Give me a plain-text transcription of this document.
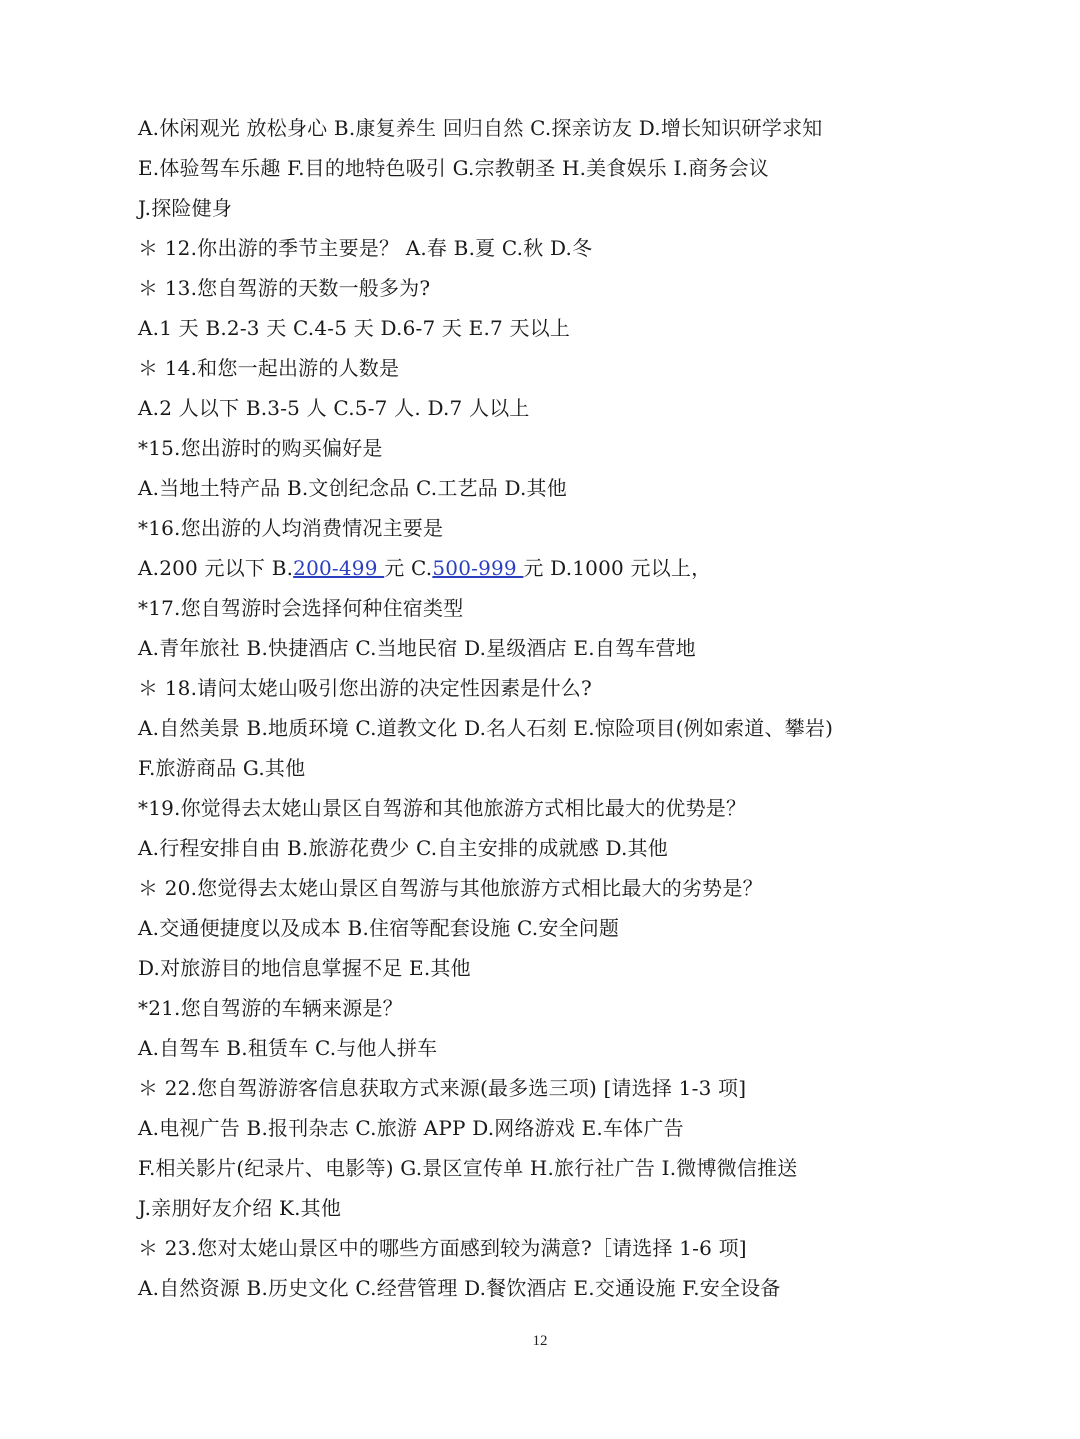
A.休闲观光 放松身心 B.康复养生 回归自然 C.探亲访友 D.增长知识研学求知
E.体验驾车乐趣 F.目的地特色吸引 G.宗教朝圣 H.美食娱乐 I.商务会议
J.探险健身
＊ 12.你出游的季节主要是？ A.春 B.夏 C.秋 D.冬
＊ 13.您自驾游的天数一般多为?
A.1 天 B.2-3 天 C.4-5 天 D.6-7 天 E.7 天以上
＊ 14.和您一起出游的人数是
A.2 人以下 B.3-5 人 C.5-7 人. D.7 人以上
*15.您出游时的购买偏好是
A.当地土特产品 B.文创纪念品 C.工艺品 D.其他
*16.您出游的人均消费情况主要是
A.200 元以下 B.200-499 元 C.500-999 元 D.1000 元以上，
*17.您自驾游时会选择何种住宿类型
A.青年旅社 B.快捷酒店 C.当地民宿 D.星级酒店 E.自驾车营地
＊ 18.请问太姥山吸引您出游的决定性因素是什么?
A.自然美景 B.地质环境 C.道教文化 D.名人石刻 E.惊险项目(例如索道、攀岩)
F.旅游商品 G.其他
*19.你觉得去太姥山景区自驾游和其他旅游方式相比最大的优势是？
A.行程安排自由 B.旅游花费少 C.自主安排的成就感 D.其他
＊ 20.您觉得去太姥山景区自驾游与其他旅游方式相比最大的劣势是？
A.交通便捷度以及成本 B.住宿等配套设施 C.安全问题
D.对旅游目的地信息掌握不足 E.其他
*21.您自驾游的车辆来源是？
A.自驾车 B.租赁车 C.与他人拼车
＊ 22.您自驾游游客信息获取方式来源(最多选三项) [请选择 1-3 项]
A.电视广告 B.报刊杂志 C.旅游 APP D.网络游戏 E.车体广告
F.相关影片(纪录片、电影等) G.景区宣传单 H.旅行社广告 I.微博微信推送
J.亲朋好友介绍 K.其他
＊ 23.您对太姥山景区中的哪些方面感到较为满意?［请选择 1-6 项]
A.自然资源 B.历史文化 C.经营管理 D.餐饮酒店 E.交通设施 F.安全设备
12
